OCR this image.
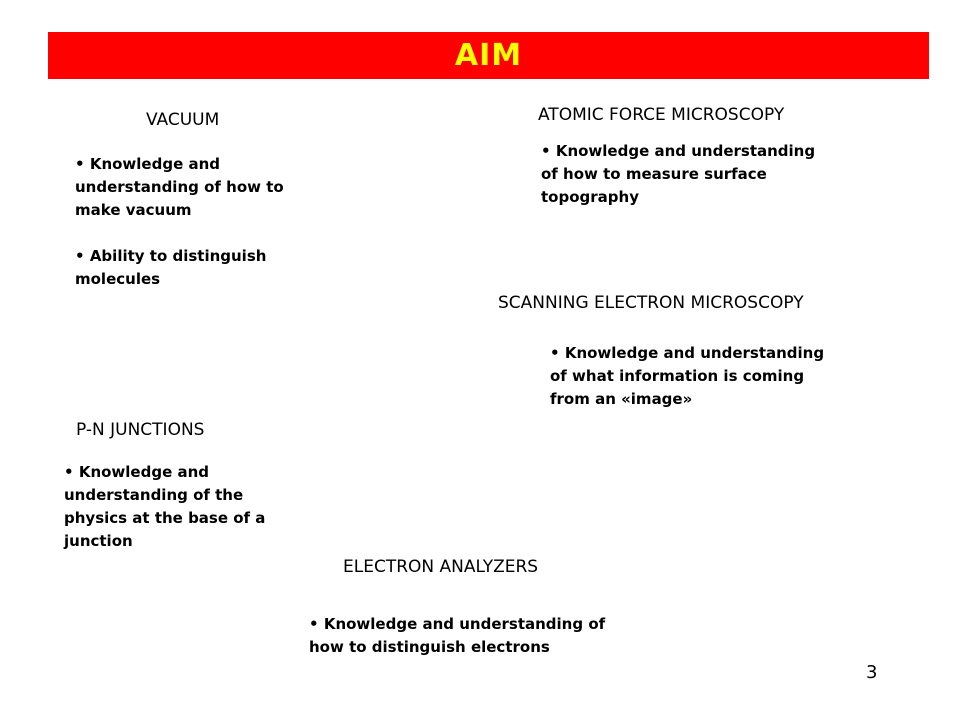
AIM
VACUUM
• Knowledge and understanding of how to make vacuum
• Ability to distinguish molecules
ATOMIC FORCE MICROSCOPY
• Knowledge and understanding of how to measure surface topography
SCANNING ELECTRON MICROSCOPY
• Knowledge and understanding of what information is coming from an «image»
P-N JUNCTIONS
• Knowledge and understanding of the physics at the base of a junction
ELECTRON ANALYZERS
• Knowledge and understanding of how to distinguish electrons
3
